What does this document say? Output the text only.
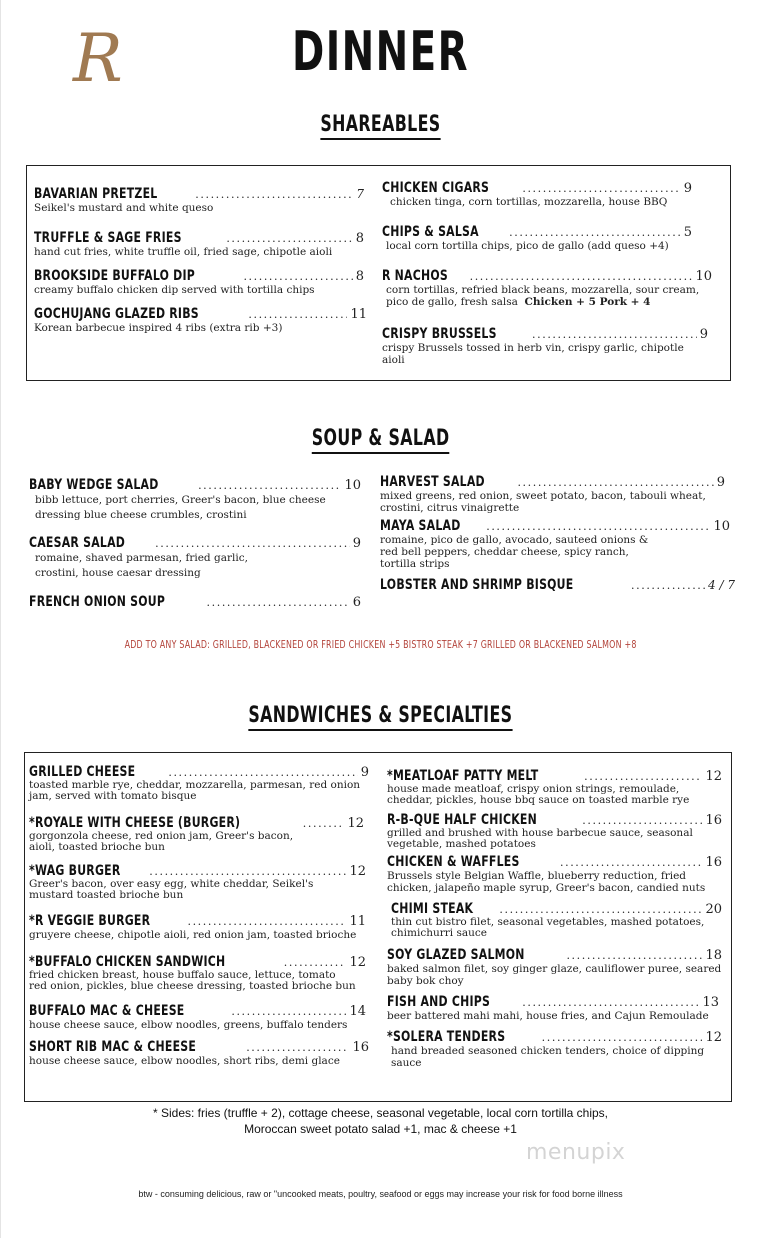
R	DINNER
SHAREABLES
BAVARIAN PRETZEL .....	7
Seikel's mustard and white queso
TRUFFLE & SAGE FRIES .....	8
hand cut fries, white truffle oil, fried sage, chipotle aioli
BROOKSIDE BUFFALO DIP .....	8
creamy buffalo chicken dip served with tortilla chips
GOCHUJANG GLAZED RIBS .....	11
Korean barbecue inspired 4 ribs (extra rib +3)
CHICKEN CIGARS .....	9
chicken tinga, corn tortillas, mozzarella, house BBQ
CHIPS & SALSA .....	5
local corn tortilla chips, pico de gallo (add queso +4)
R NACHOS .....	10
corn tortillas, refried black beans, mozzarella, sour cream, pico de gallo, fresh salsa Chicken + 5 Pork + 4
CRISPY BRUSSELS .....	9
crispy Brussels tossed in herb vin, crispy garlic, chipotle aioli
SOUP & SALAD
BABY WEDGE SALAD .....	10
bibb lettuce, port cherries, Greer's bacon, blue cheese dressing blue cheese crumbles, crostini
CAESAR SALAD .....	9
romaine, shaved parmesan, fried garlic, crostini, house caesar dressing
FRENCH ONION SOUP .....	6
HARVEST SALAD .....	9
mixed greens, red onion, sweet potato, bacon, tabouli wheat, crostini, citrus vinaigrette
MAYA SALAD .....	10
romaine, pico de gallo, avocado, sauteed onions & red bell peppers, cheddar cheese, spicy ranch, tortilla strips
LOBSTER AND SHRIMP BISQUE .....	4 / 7
ADD TO ANY SALAD: GRILLED, BLACKENED OR FRIED CHICKEN +5 BISTRO STEAK +7 GRILLED OR BLACKENED SALMON +8
SANDWICHES & SPECIALTIES
GRILLED CHEESE .....	9
toasted marble rye, cheddar, mozzarella, parmesan, red onion jam, served with tomato bisque
*ROYALE WITH CHEESE (BURGER) .....	12
gorgonzola cheese, red onion jam, Greer's bacon, aioli, toasted brioche bun
*WAG BURGER .....	12
Greer's bacon, over easy egg, white cheddar, Seikel's mustard toasted brioche bun
*R VEGGIE BURGER .....	11
gruyere cheese, chipotle aioli, red onion jam, toasted brioche
*BUFFALO CHICKEN SANDWICH .....	12
fried chicken breast, house buffalo sauce, lettuce, tomato red onion, pickles, blue cheese dressing, toasted brioche bun
BUFFALO MAC & CHEESE .....	14
house cheese sauce, elbow noodles, greens, buffalo tenders
SHORT RIB MAC & CHEESE .....	16
house cheese sauce, elbow noodles, short ribs, demi glace
*MEATLOAF PATTY MELT .....	12
house made meatloaf, crispy onion strings, remoulade, cheddar, pickles, house bbq sauce on toasted marble rye
R-B-QUE HALF CHICKEN .....	16
grilled and brushed with house barbecue sauce, seasonal vegetable, mashed potatoes
CHICKEN & WAFFLES .....	16
Brussels style Belgian Waffle, blueberry reduction, fried chicken, jalapeño maple syrup, Greer's bacon, candied nuts
CHIMI STEAK .....	20
thin cut bistro filet, seasonal vegetables, mashed potatoes, chimichurri sauce
SOY GLAZED SALMON .....	18
baked salmon filet, soy ginger glaze, cauliflower puree, seared baby bok choy
FISH AND CHIPS .....	13
beer battered mahi mahi, house fries, and Cajun Remoulade
*SOLERA TENDERS .....	12
hand breaded seasoned chicken tenders, choice of dipping sauce
* Sides: fries (truffle + 2), cottage cheese, seasonal vegetable, local corn tortilla chips,
Moroccan sweet potato salad +1, mac & cheese +1
menupix
btw - consuming delicious, raw or "uncooked meats, poultry, seafood or eggs may increase your risk for food borne illness
